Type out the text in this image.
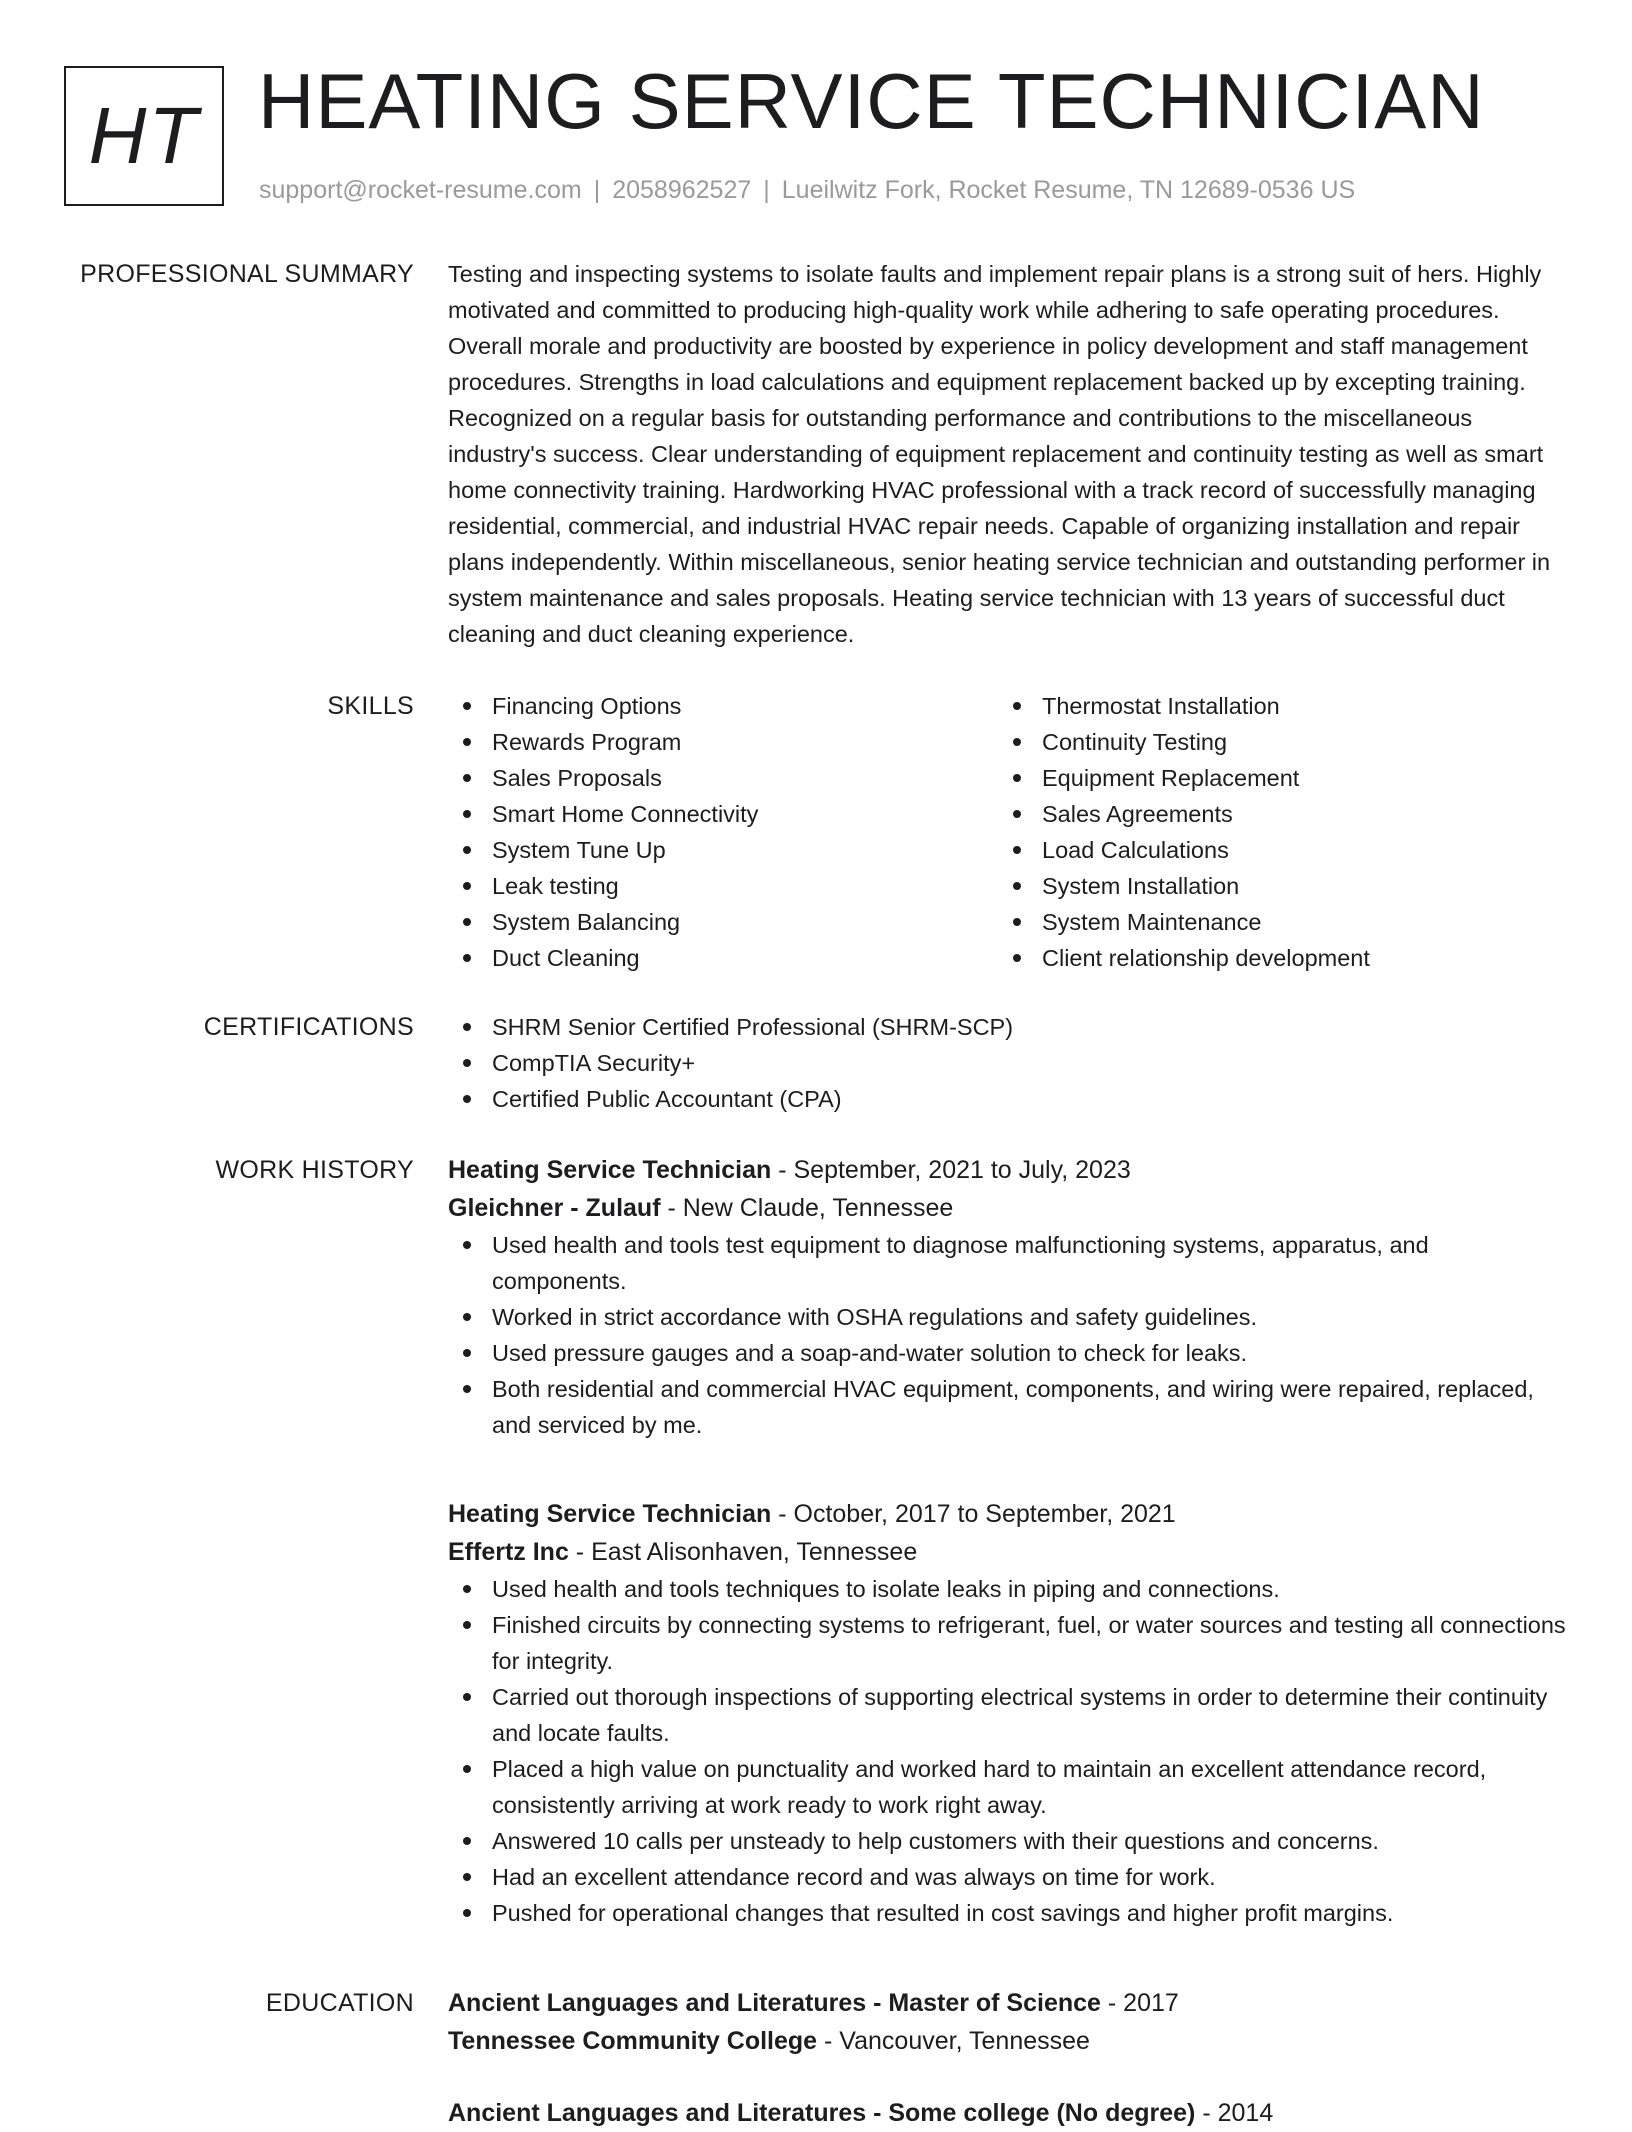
HT HEATING SERVICE TECHNICIAN
support@rocket-resume.com | 2058962527 | Lueilwitz Fork, Rocket Resume, TN 12689-0536 US
PROFESSIONAL SUMMARY Testing and inspecting systems to isolate faults and implement repair plans is a strong suit of hers. Highly motivated and committed to producing high-quality work while adhering to safe operating procedures. Overall morale and productivity are boosted by experience in policy development and staff management procedures. Strengths in load calculations and equipment replacement backed up by excepting training. Recognized on a regular basis for outstanding performance and contributions to the miscellaneous industry's success. Clear understanding of equipment replacement and continuity testing as well as smart home connectivity training. Hardworking HVAC professional with a track record of successfully managing residential, commercial, and industrial HVAC repair needs. Capable of organizing installation and repair plans independently. Within miscellaneous, senior heating service technician and outstanding performer in system maintenance and sales proposals. Heating service technician with 13 years of successful duct cleaning and duct cleaning experience.

SKILLS	Financing Options
Rewards Program
Sales Proposals
Smart Home Connectivity
System Tune Up
Leak testing
System Balancing
Duct Cleaning
Thermostat Installation
Continuity Testing
Equipment Replacement
Sales Agreements
Load Calculations
System Installation
System Maintenance
Client relationship development
CERTIFICATIONS	SHRM Senior Certified Professional (SHRM-SCP)
CompTIA Security+
Certified Public Accountant (CPA)
WORK HISTORY Heating Service Technician - September, 2021 to July, 2023
Gleichner - Zulauf - New Claude, Tennessee
Used health and tools test equipment to diagnose malfunctioning systems, apparatus, and components.
Worked in strict accordance with OSHA regulations and safety guidelines.
Used pressure gauges and a soap-and-water solution to check for leaks.
Both residential and commercial HVAC equipment, components, and wiring were repaired, replaced, and serviced by me.
Heating Service Technician - October, 2017 to September, 2021
Effertz Inc - East Alisonhaven, Tennessee
Used health and tools techniques to isolate leaks in piping and connections.
Finished circuits by connecting systems to refrigerant, fuel, or water sources and testing all connections for integrity.
Carried out thorough inspections of supporting electrical systems in order to determine their continuity and locate faults.
Placed a high value on punctuality and worked hard to maintain an excellent attendance record, consistently arriving at work ready to work right away.
Answered 10 calls per unsteady to help customers with their questions and concerns.
Had an excellent attendance record and was always on time for work.
Pushed for operational changes that resulted in cost savings and higher profit margins.
EDUCATION Ancient Languages and Literatures - Master of Science - 2017
Tennessee Community College - Vancouver, Tennessee
Ancient Languages and Literatures - Some college (No degree) - 2014
